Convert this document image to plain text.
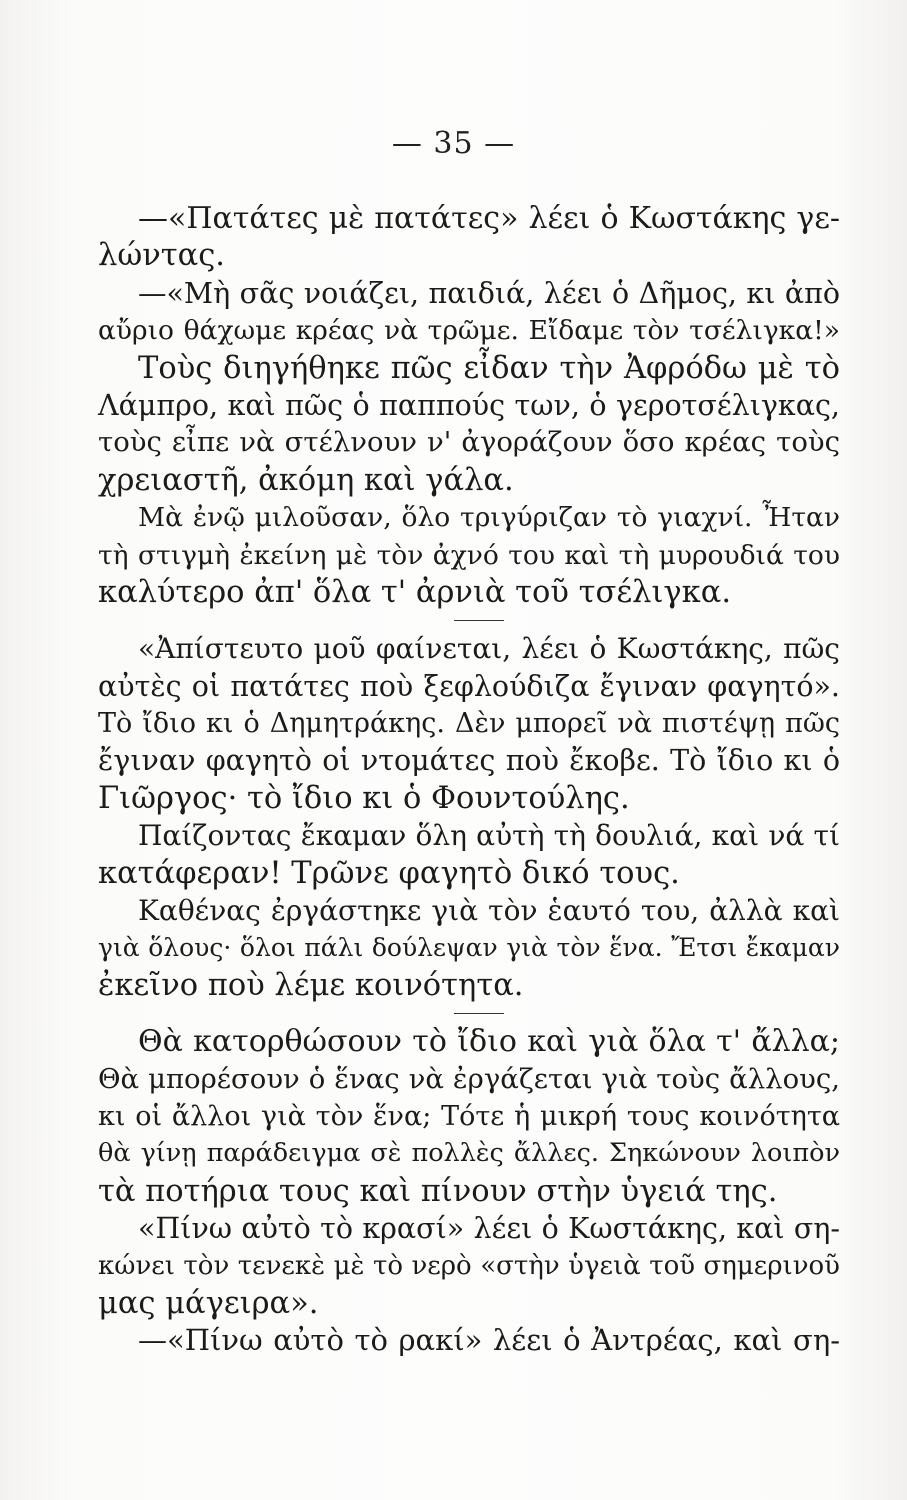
— 35 —
—«Πατάτες μὲ πατάτες» λέει ὁ Κωστάκης γε-
λώντας.
—«Μὴ σᾶς νοιάζει, παιδιά, λέει ὁ Δῆμος, κι ἀπὸ
αὔριο θάχωμε κρέας νὰ τρῶμε. Εἴδαμε τὸν τσέλιγκα!»
Τοὺς διηγήθηκε πῶς εἶδαν τὴν Ἀφρόδω μὲ τὸ
Λάμπρο, καὶ πῶς ὁ παππούς των, ὁ γεροτσέλιγκας,
τοὺς εἶπε νὰ στέλνουν ν' ἀγοράζουν ὅσο κρέας τοὺς
χρειαστῆ, ἀκόμη καὶ γάλα.
Μὰ ἐνῷ μιλοῦσαν, ὅλο τριγύριζαν τὸ γιαχνί. Ἦταν
τὴ στιγμὴ ἐκείνη μὲ τὸν ἀχνό του καὶ τὴ μυρουδιά του
καλύτερο ἀπ' ὅλα τ' ἀρνιὰ τοῦ τσέλιγκα.
«Ἀπίστευτο μοῦ φαίνεται, λέει ὁ Κωστάκης, πῶς
αὐτὲς οἱ πατάτες ποὺ ξεφλούδιζα ἔγιναν φαγητό».
Τὸ ἴδιο κι ὁ Δημητράκης. Δὲν μπορεῖ νὰ πιστέψῃ πῶς
ἔγιναν φαγητὸ οἱ ντομάτες ποὺ ἔκοβε. Τὸ ἴδιο κι ὁ
Γιῶργος· τὸ ἴδιο κι ὁ Φουντούλης.
Παίζοντας ἔκαμαν ὅλη αὐτὴ τὴ δουλιά, καὶ νά τί
κατάφεραν! Τρῶνε φαγητὸ δικό τους.
Καθένας ἐργάστηκε γιὰ τὸν ἑαυτό του, ἀλλὰ καὶ
γιὰ ὅλους· ὅλοι πάλι δούλεψαν γιὰ τὸν ἕνα. Ἔτσι ἔκαμαν
ἐκεῖνο ποὺ λέμε κοινότητα.
Θὰ κατορθώσουν τὸ ἴδιο καὶ γιὰ ὅλα τ' ἄλλα;
Θὰ μπορέσουν ὁ ἕνας νὰ ἐργάζεται γιὰ τοὺς ἄλλους,
κι οἱ ἄλλοι γιὰ τὸν ἕνα; Τότε ἡ μικρή τους κοινότητα
θὰ γίνῃ παράδειγμα σὲ πολλὲς ἄλλες. Σηκώνουν λοιπὸν
τὰ ποτήρια τους καὶ πίνουν στὴν ὑγειά της.
«Πίνω αὐτὸ τὸ κρασί» λέει ὁ Κωστάκης, καὶ ση-
κώνει τὸν τενεκὲ μὲ τὸ νερὸ «στὴν ὑγειὰ τοῦ σημερινοῦ
μας μάγειρα».
—«Πίνω αὐτὸ τὸ ρακί» λέει ὁ Ἀντρέας, καὶ ση-
